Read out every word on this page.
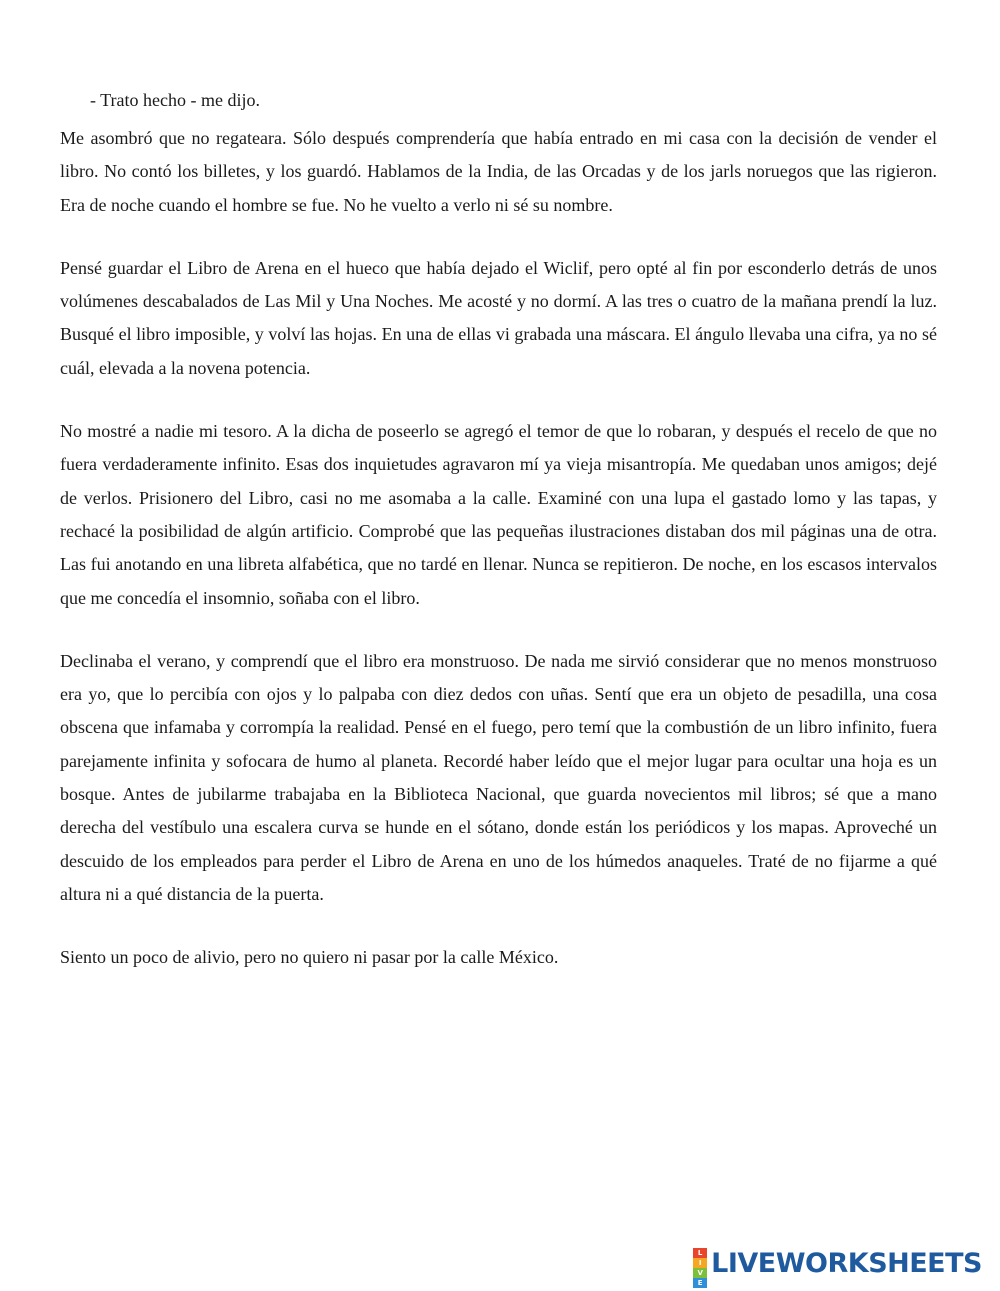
- Trato hecho - me dijo.

Me asombró que no regateara. Sólo después comprendería que había entrado en mi casa con la decisión de vender el libro. No contó los billetes, y los guardó. Hablamos de la India, de las Orcadas y de los jarls noruegos que las rigieron. Era de noche cuando el hombre se fue. No he vuelto a verlo ni sé su nombre.

Pensé guardar el Libro de Arena en el hueco que había dejado el Wiclif, pero opté al fin por esconderlo detrás de unos volúmenes descabalados de Las Mil y Una Noches. Me acosté y no dormí. A las tres o cuatro de la mañana prendí la luz. Busqué el libro imposible, y volví las hojas. En una de ellas vi grabada una máscara. El ángulo llevaba una cifra, ya no sé cuál, elevada a la novena potencia.

No mostré a nadie mi tesoro. A la dicha de poseerlo se agregó el temor de que lo robaran, y después el recelo de que no fuera verdaderamente infinito. Esas dos inquietudes agravaron mí ya vieja misantropía. Me quedaban unos amigos; dejé de verlos. Prisionero del Libro, casi no me asomaba a la calle. Examiné con una lupa el gastado lomo y las tapas, y rechacé la posibilidad de algún artificio. Comprobé que las pequeñas ilustraciones distaban dos mil páginas una de otra. Las fui anotando en una libreta alfabética, que no tardé en llenar. Nunca se repitieron. De noche, en los escasos intervalos que me concedía el insomnio, soñaba con el libro.

Declinaba el verano, y comprendí que el libro era monstruoso. De nada me sirvió considerar que no menos monstruoso era yo, que lo percibía con ojos y lo palpaba con diez dedos con uñas. Sentí que era un objeto de pesadilla, una cosa obscena que infamaba y corrompía la realidad. Pensé en el fuego, pero temí que la combustión de un libro infinito, fuera parejamente infinita y sofocara de humo al planeta. Recordé haber leído que el mejor lugar para ocultar una hoja es un bosque. Antes de jubilarme trabajaba en la Biblioteca Nacional, que guarda novecientos mil libros; sé que a mano derecha del vestíbulo una escalera curva se hunde en el sótano, donde están los periódicos y los mapas. Aproveché un descuido de los empleados para perder el Libro de Arena en uno de los húmedos anaqueles. Traté de no fijarme a qué altura ni a qué distancia de la puerta.

Siento un poco de alivio, pero no quiero ni pasar por la calle México.

L
I
V
E
LIVEWORKSHEETS
